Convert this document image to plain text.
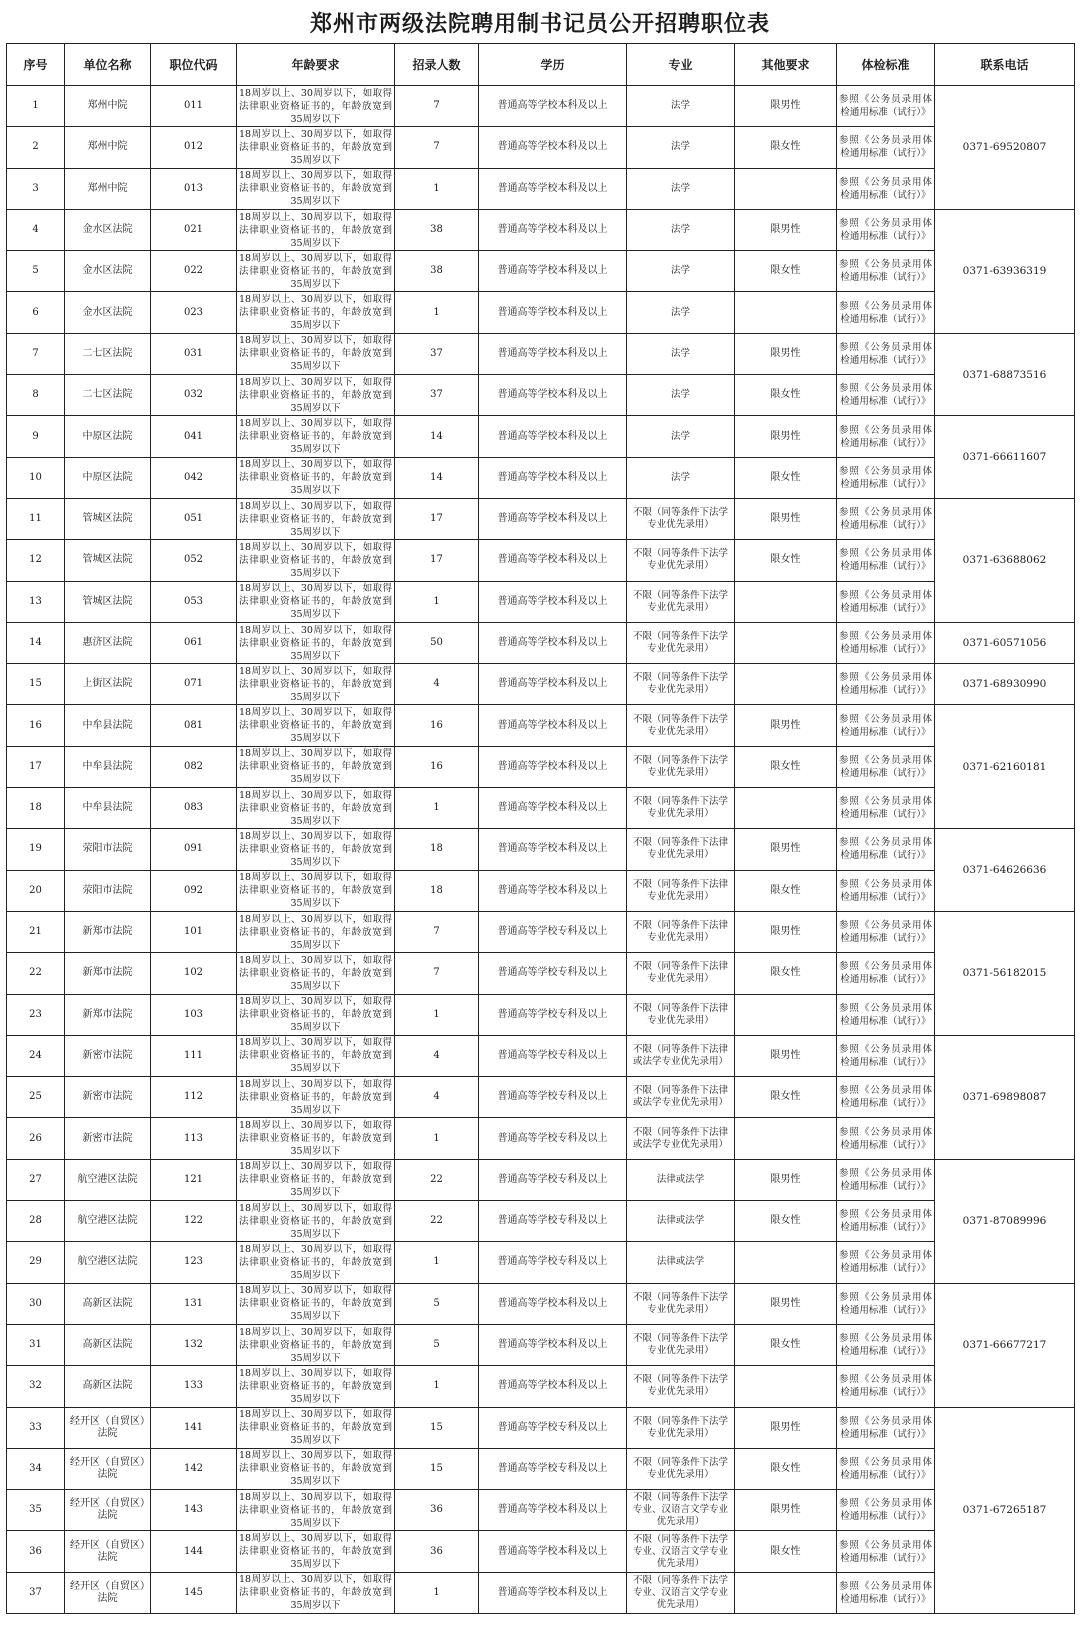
郑州市两级法院聘用制书记员公开招聘职位表
序号	单位名称	职位代码	年龄要求	招录人数	学历	专业	其他要求	体检标准	联系电话
1	郑州中院	011	18周岁以上、30周岁以下，如取得法律职业资格证书的，年龄放宽到35周岁以下	7	普通高等学校本科及以上	法学	限男性	参照《公务员录用体检通用标准（试行）》	0371-69520807
2	郑州中院	012	18周岁以上、30周岁以下，如取得法律职业资格证书的，年龄放宽到35周岁以下	7	普通高等学校本科及以上	法学	限女性	参照《公务员录用体检通用标准（试行）》	
3	郑州中院	013	18周岁以上、30周岁以下，如取得法律职业资格证书的，年龄放宽到35周岁以下	1	普通高等学校本科及以上	法学		参照《公务员录用体检通用标准（试行）》	
4	金水区法院	021	18周岁以上、30周岁以下，如取得法律职业资格证书的，年龄放宽到35周岁以下	38	普通高等学校本科及以上	法学	限男性	参照《公务员录用体检通用标准（试行）》	0371-63936319
5	金水区法院	022	18周岁以上、30周岁以下，如取得法律职业资格证书的，年龄放宽到35周岁以下	38	普通高等学校本科及以上	法学	限女性	参照《公务员录用体检通用标准（试行）》	
6	金水区法院	023	18周岁以上、30周岁以下，如取得法律职业资格证书的，年龄放宽到35周岁以下	1	普通高等学校本科及以上	法学		参照《公务员录用体检通用标准（试行）》	
7	二七区法院	031	18周岁以上、30周岁以下，如取得法律职业资格证书的，年龄放宽到35周岁以下	37	普通高等学校本科及以上	法学	限男性	参照《公务员录用体检通用标准（试行）》	0371-68873516
8	二七区法院	032	18周岁以上、30周岁以下，如取得法律职业资格证书的，年龄放宽到35周岁以下	37	普通高等学校本科及以上	法学	限女性	参照《公务员录用体检通用标准（试行）》	
9	中原区法院	041	18周岁以上、30周岁以下，如取得法律职业资格证书的，年龄放宽到35周岁以下	14	普通高等学校本科及以上	法学	限男性	参照《公务员录用体检通用标准（试行）》	0371-66611607
10	中原区法院	042	18周岁以上、30周岁以下，如取得法律职业资格证书的，年龄放宽到35周岁以下	14	普通高等学校本科及以上	法学	限女性	参照《公务员录用体检通用标准（试行）》	
11	管城区法院	051	18周岁以上、30周岁以下，如取得法律职业资格证书的，年龄放宽到35周岁以下	17	普通高等学校本科及以上	不限（同等条件下法学专业优先录用）	限男性	参照《公务员录用体检通用标准（试行）》	0371-63688062
12	管城区法院	052	18周岁以上、30周岁以下，如取得法律职业资格证书的，年龄放宽到35周岁以下	17	普通高等学校本科及以上	不限（同等条件下法学专业优先录用）	限女性	参照《公务员录用体检通用标准（试行）》	
13	管城区法院	053	18周岁以上、30周岁以下，如取得法律职业资格证书的，年龄放宽到35周岁以下	1	普通高等学校本科及以上	不限（同等条件下法学专业优先录用）		参照《公务员录用体检通用标准（试行）》	
14	惠济区法院	061	18周岁以上、30周岁以下，如取得法律职业资格证书的，年龄放宽到35周岁以下	50	普通高等学校本科及以上	不限（同等条件下法学专业优先录用）		参照《公务员录用体检通用标准（试行）》	0371-60571056
15	上街区法院	071	18周岁以上、30周岁以下，如取得法律职业资格证书的，年龄放宽到35周岁以下	4	普通高等学校本科及以上	不限（同等条件下法学专业优先录用）		参照《公务员录用体检通用标准（试行）》	0371-68930990
16	中牟县法院	081	18周岁以上、30周岁以下，如取得法律职业资格证书的，年龄放宽到35周岁以下	16	普通高等学校本科及以上	不限（同等条件下法学专业优先录用）	限男性	参照《公务员录用体检通用标准（试行）》	0371-62160181
17	中牟县法院	082	18周岁以上、30周岁以下，如取得法律职业资格证书的，年龄放宽到35周岁以下	16	普通高等学校本科及以上	不限（同等条件下法学专业优先录用）	限女性	参照《公务员录用体检通用标准（试行）》	
18	中牟县法院	083	18周岁以上、30周岁以下，如取得法律职业资格证书的，年龄放宽到35周岁以下	1	普通高等学校本科及以上	不限（同等条件下法学专业优先录用）		参照《公务员录用体检通用标准（试行）》	
19	荥阳市法院	091	18周岁以上、30周岁以下，如取得法律职业资格证书的，年龄放宽到35周岁以下	18	普通高等学校本科及以上	不限（同等条件下法律专业优先录用）	限男性	参照《公务员录用体检通用标准（试行）》	0371-64626636
20	荥阳市法院	092	18周岁以上、30周岁以下，如取得法律职业资格证书的，年龄放宽到35周岁以下	18	普通高等学校本科及以上	不限（同等条件下法律专业优先录用）	限女性	参照《公务员录用体检通用标准（试行）》	
21	新郑市法院	101	18周岁以上、30周岁以下，如取得法律职业资格证书的，年龄放宽到35周岁以下	7	普通高等学校专科及以上	不限（同等条件下法律专业优先录用）	限男性	参照《公务员录用体检通用标准（试行）》	0371-56182015
22	新郑市法院	102	18周岁以上、30周岁以下，如取得法律职业资格证书的，年龄放宽到35周岁以下	7	普通高等学校专科及以上	不限（同等条件下法律专业优先录用）	限女性	参照《公务员录用体检通用标准（试行）》	
23	新郑市法院	103	18周岁以上、30周岁以下，如取得法律职业资格证书的，年龄放宽到35周岁以下	1	普通高等学校专科及以上	不限（同等条件下法律专业优先录用）		参照《公务员录用体检通用标准（试行）》	
24	新密市法院	111	18周岁以上、30周岁以下，如取得法律职业资格证书的，年龄放宽到35周岁以下	4	普通高等学校专科及以上	不限（同等条件下法律或法学专业优先录用）	限男性	参照《公务员录用体检通用标准（试行）》	0371-69898087
25	新密市法院	112	18周岁以上、30周岁以下，如取得法律职业资格证书的，年龄放宽到35周岁以下	4	普通高等学校专科及以上	不限（同等条件下法律或法学专业优先录用）	限女性	参照《公务员录用体检通用标准（试行）》	
26	新密市法院	113	18周岁以上、30周岁以下，如取得法律职业资格证书的，年龄放宽到35周岁以下	1	普通高等学校专科及以上	不限（同等条件下法律或法学专业优先录用）		参照《公务员录用体检通用标准（试行）》	
27	航空港区法院	121	18周岁以上、30周岁以下，如取得法律职业资格证书的，年龄放宽到35周岁以下	22	普通高等学校专科及以上	法律或法学	限男性	参照《公务员录用体检通用标准（试行）》	0371-87089996
28	航空港区法院	122	18周岁以上、30周岁以下，如取得法律职业资格证书的，年龄放宽到35周岁以下	22	普通高等学校专科及以上	法律或法学	限女性	参照《公务员录用体检通用标准（试行）》	
29	航空港区法院	123	18周岁以上、30周岁以下，如取得法律职业资格证书的，年龄放宽到35周岁以下	1	普通高等学校专科及以上	法律或法学		参照《公务员录用体检通用标准（试行）》	
30	高新区法院	131	18周岁以上、30周岁以下，如取得法律职业资格证书的，年龄放宽到35周岁以下	5	普通高等学校本科及以上	不限（同等条件下法学专业优先录用）	限男性	参照《公务员录用体检通用标准（试行）》	0371-66677217
31	高新区法院	132	18周岁以上、30周岁以下，如取得法律职业资格证书的，年龄放宽到35周岁以下	5	普通高等学校本科及以上	不限（同等条件下法学专业优先录用）	限女性	参照《公务员录用体检通用标准（试行）》	
32	高新区法院	133	18周岁以上、30周岁以下，如取得法律职业资格证书的，年龄放宽到35周岁以下	1	普通高等学校本科及以上	不限（同等条件下法学专业优先录用）		参照《公务员录用体检通用标准（试行）》	
33	经开区（自贸区）法院	141	18周岁以上、30周岁以下，如取得法律职业资格证书的，年龄放宽到35周岁以下	15	普通高等学校专科及以上	不限（同等条件下法学专业优先录用）	限男性	参照《公务员录用体检通用标准（试行）》	0371-67265187
34	经开区（自贸区）法院	142	18周岁以上、30周岁以下，如取得法律职业资格证书的，年龄放宽到35周岁以下	15	普通高等学校专科及以上	不限（同等条件下法学专业优先录用）	限女性	参照《公务员录用体检通用标准（试行）》	
35	经开区（自贸区）法院	143	18周岁以上、30周岁以下，如取得法律职业资格证书的，年龄放宽到35周岁以下	36	普通高等学校本科及以上	不限（同等条件下法学专业、汉语言文学专业优先录用）	限男性	参照《公务员录用体检通用标准（试行）》	
36	经开区（自贸区）法院	144	18周岁以上、30周岁以下，如取得法律职业资格证书的，年龄放宽到35周岁以下	36	普通高等学校本科及以上	不限（同等条件下法学专业、汉语言文学专业优先录用）	限女性	参照《公务员录用体检通用标准（试行）》	
37	经开区（自贸区）法院	145	18周岁以上、30周岁以下，如取得法律职业资格证书的，年龄放宽到35周岁以下	1	普通高等学校本科及以上	不限（同等条件下法学专业、汉语言文学专业优先录用）		参照《公务员录用体检通用标准（试行）》	
